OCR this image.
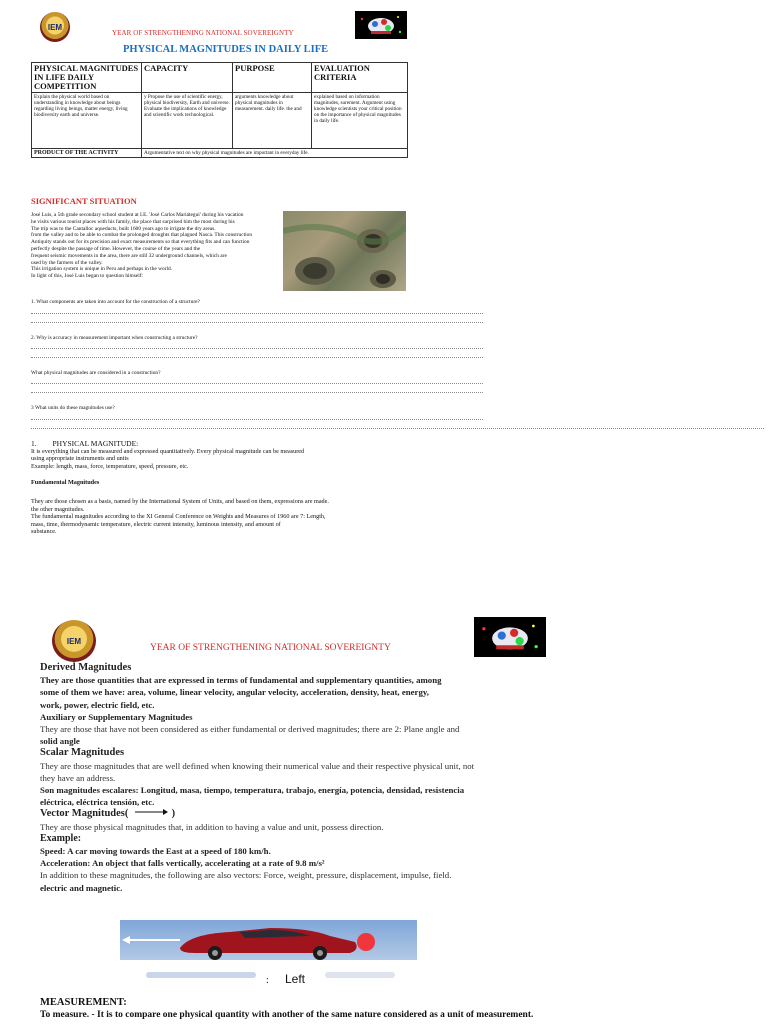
IEM
YEAR OF STRENGTHENING NATIONAL SOVEREIGNTY
PHYSICAL MAGNITUDES IN DAILY LIFE
PHYSICAL MAGNITUDES IN LIFE DAILY COMPETITION	CAPACITY	PURPOSE	EVALUATION CRITERIA
Explain the physical world based on understanding in knowledge about beings regarding living beings, matter energy, living biodiversity earth and universe.	y Propose the use of scientific energy, physical biodiversity, Earth and universe. Evaluate the implications of knowledge and scientific work technological.	arguments knowledge about physical magnitudes in measurement. daily life. the and	explained based on information magnitudes, surement. Argument using knowledge scientists your critical position on the importance of physical magnitudes in daily life.
PRODUCT OF THE ACTIVITY	Argumentative text on why physical magnitudes are important in everyday life.		
SIGNIFICANT SITUATION
José Luis, a 5th grade secondary school student at I.E. 'José Carlos Mariátegui' during his vacation
he visits various tourist places with his family, the place that surprised him the most during his
The trip was to the Cantalloc aqueducts, built 1600 years ago to irrigate the dry areas.
from the valley and to be able to combat the prolonged droughts that plagued Nasca. This construction
Antiquity stands out for its precision and exact measurements so that everything fits and can function
perfectly despite the passage of time. However, the course of the years and the
frequent seismic movements in the area, there are still 32 underground channels, which are
used by the farmers of the valley.
This irrigation system is unique in Peru and perhaps in the world.
In light of this, José Luis began to question himself:
1. What components are taken into account for the construction of a structure?
2. Why is accuracy in measurement important when constructing a structure?
What physical magnitudes are considered in a construction?
3 What units do these magnitudes use?
1. PHYSICAL MAGNITUDE:
It is everything that can be measured and expressed quantitatively. Every physical magnitude can be measured
using appropriate instruments and units
Example: length, mass, force, temperature, speed, pressure, etc.
Fundamental Magnitudes
They are those chosen as a basis, named by the International System of Units, and based on them, expressions are made.
the other magnitudes.
The fundamental magnitudes according to the XI General Conference on Weights and Measures of 1960 are 7: Length,
mass, time, thermodynamic temperature, electric current intensity, luminous intensity, and amount of
substance.
IEM
YEAR OF STRENGTHENING NATIONAL SOVEREIGNTY
Derived Magnitudes
They are those quantities that are expressed in terms of fundamental and supplementary quantities, among
some of them we have: area, volume, linear velocity, angular velocity, acceleration, density, heat, energy,
work, power, electric field, etc.
Auxiliary or Supplementary Magnitudes
They are those that have not been considered as either fundamental or derived magnitudes; there are 2: Plane angle and
solid angle
Scalar Magnitudes
They are those magnitudes that are well defined when knowing their numerical value and their respective physical unit, not
they have an address.
Son magnitudes escalares: Longitud, masa, tiempo, temperatura, trabajo, energía, potencia, densidad, resistencia
eléctrica, eléctrica tensión, etc.
Vector Magnitudes(	)
They are those physical magnitudes that, in addition to having a value and unit, possess direction.
Example:
Speed: A car moving towards the East at a speed of 180 km/h.
Acceleration: An object that falls vertically, accelerating at a rate of 9.8 m/s²
In addition to these magnitudes, the following are also vectors: Force, weight, pressure, displacement, impulse, field.
electric and magnetic.
: Left
MEASUREMENT:
To measure. - It is to compare one physical quantity with another of the same nature considered as a unit of measurement.
